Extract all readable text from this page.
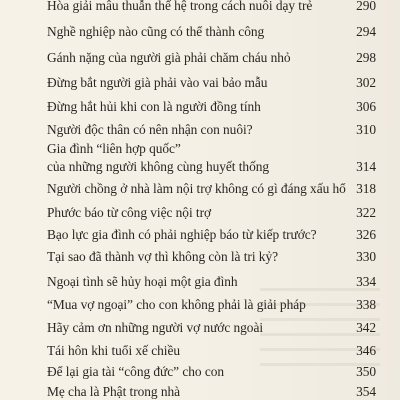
Hòa giải mâu thuẫn thế hệ trong cách nuôi dạy trẻ	290
Nghề nghiệp nào cũng có thể thành công	294
Gánh nặng của người già phải chăm cháu nhỏ	298
Đừng bắt người già phải vào vai bảo mẫu	302
Đừng hắt hủi khi con là người đồng tính	306
Người độc thân có nên nhận con nuôi?	310
Gia đình “liên hợp quốc”
của những người không cùng huyết thống	314
Người chồng ở nhà làm nội trợ không có gì đáng xấu hổ 318
Phước báo từ công việc nội trợ	322
Bạo lực gia đình có phải nghiệp báo từ kiếp trước?	326
Tại sao đã thành vợ thì không còn là tri kỷ?	330
Ngoại tình sẽ hủy hoại một gia đình	334
“Mua vợ ngoại” cho con không phải là giải pháp	338
Hãy cảm ơn những người vợ nước ngoài	342
Tái hôn khi tuổi xế chiều	346
Để lại gia tài “công đức” cho con	350
Mẹ cha là Phật trong nhà	354
